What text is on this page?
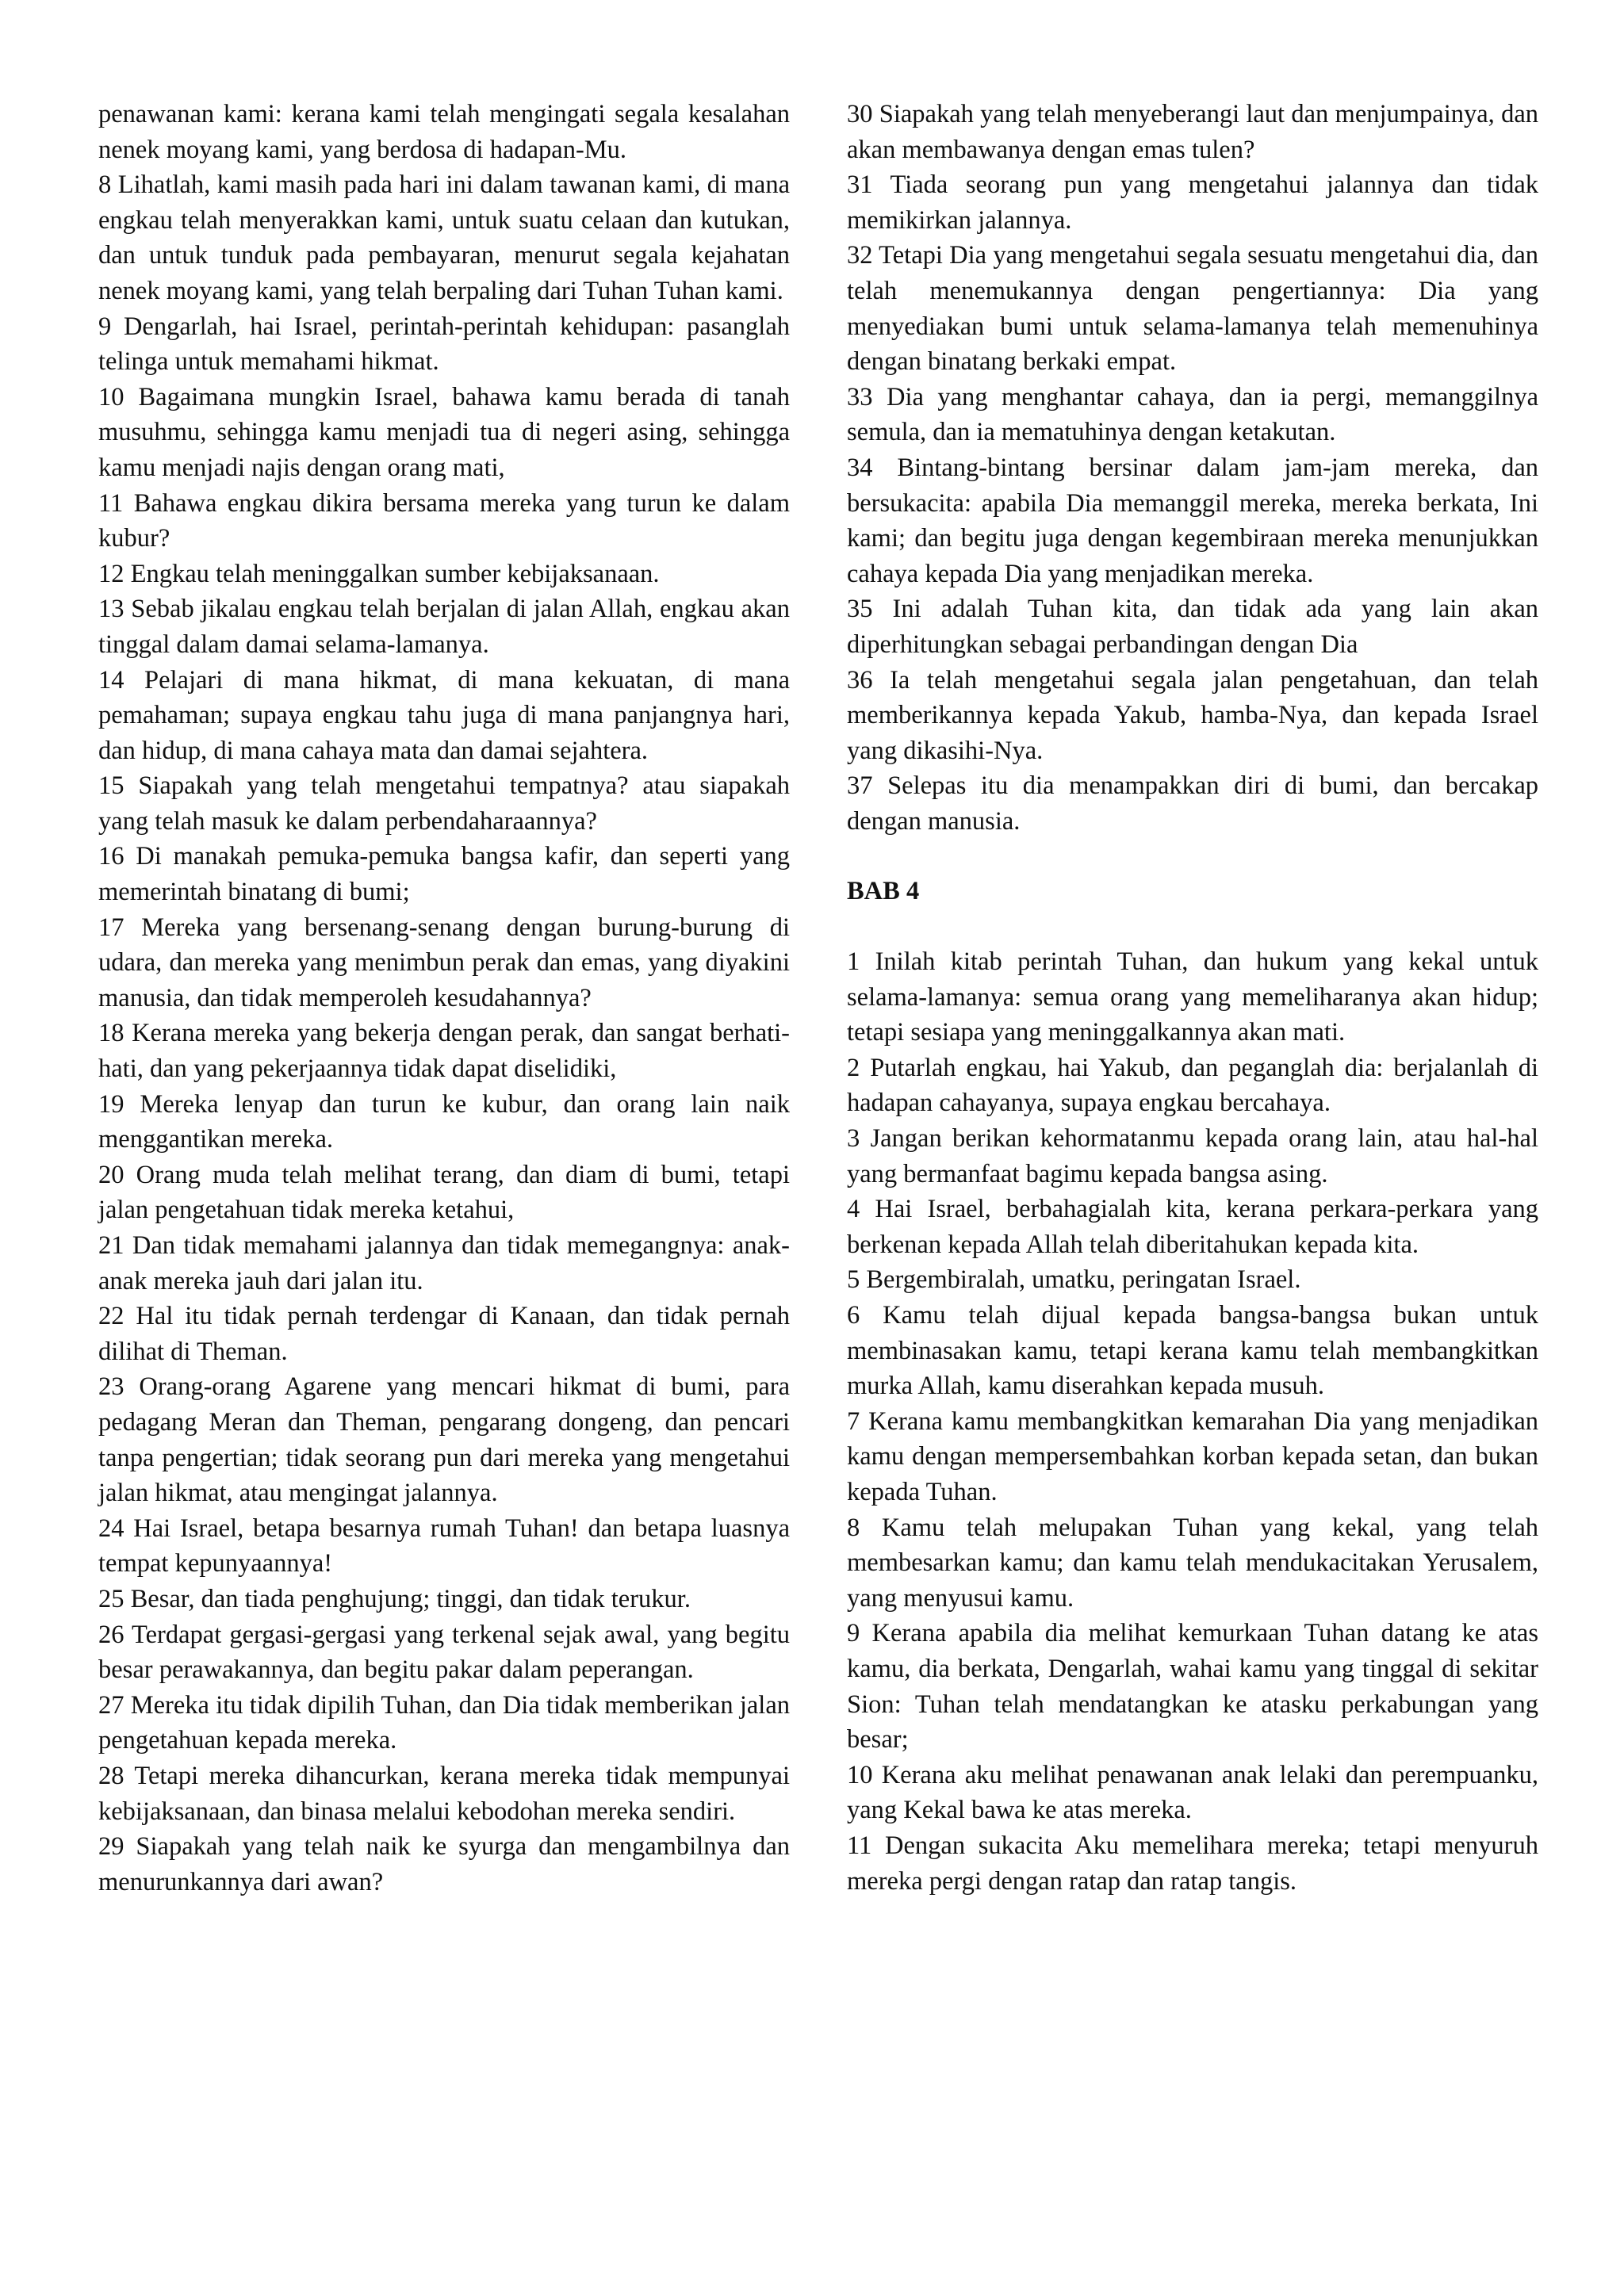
penawanan kami: kerana kami telah mengingati segala kesalahan nenek moyang kami, yang berdosa di hadapan-Mu.

8 Lihatlah, kami masih pada hari ini dalam tawanan kami, di mana engkau telah menyerakkan kami, untuk suatu celaan dan kutukan, dan untuk tunduk pada pembayaran, menurut segala kejahatan nenek moyang kami, yang telah berpaling dari Tuhan Tuhan kami.

9 Dengarlah, hai Israel, perintah-perintah kehidupan: pasanglah telinga untuk memahami hikmat.

10 Bagaimana mungkin Israel, bahawa kamu berada di tanah musuhmu, sehingga kamu menjadi tua di negeri asing, sehingga kamu menjadi najis dengan orang mati,

11 Bahawa engkau dikira bersama mereka yang turun ke dalam kubur?

12 Engkau telah meninggalkan sumber kebijaksanaan.

13 Sebab jikalau engkau telah berjalan di jalan Allah, engkau akan tinggal dalam damai selama-lamanya.

14 Pelajari di mana hikmat, di mana kekuatan, di mana pemahaman; supaya engkau tahu juga di mana panjangnya hari, dan hidup, di mana cahaya mata dan damai sejahtera.

15 Siapakah yang telah mengetahui tempatnya? atau siapakah yang telah masuk ke dalam perbendaharaannya?

16 Di manakah pemuka-pemuka bangsa kafir, dan seperti yang memerintah binatang di bumi;

17 Mereka yang bersenang-senang dengan burung-burung di udara, dan mereka yang menimbun perak dan emas, yang diyakini manusia, dan tidak memperoleh kesudahannya?

18 Kerana mereka yang bekerja dengan perak, dan sangat berhati-hati, dan yang pekerjaannya tidak dapat diselidiki,

19 Mereka lenyap dan turun ke kubur, dan orang lain naik menggantikan mereka.

20 Orang muda telah melihat terang, dan diam di bumi, tetapi jalan pengetahuan tidak mereka ketahui,

21 Dan tidak memahami jalannya dan tidak memegangnya: anak-anak mereka jauh dari jalan itu.

22 Hal itu tidak pernah terdengar di Kanaan, dan tidak pernah dilihat di Theman.

23 Orang-orang Agarene yang mencari hikmat di bumi, para pedagang Meran dan Theman, pengarang dongeng, dan pencari tanpa pengertian; tidak seorang pun dari mereka yang mengetahui jalan hikmat, atau mengingat jalannya.

24 Hai Israel, betapa besarnya rumah Tuhan! dan betapa luasnya tempat kepunyaannya!

25 Besar, dan tiada penghujung; tinggi, dan tidak terukur.

26 Terdapat gergasi-gergasi yang terkenal sejak awal, yang begitu besar perawakannya, dan begitu pakar dalam peperangan.

27 Mereka itu tidak dipilih Tuhan, dan Dia tidak memberikan jalan pengetahuan kepada mereka.

28 Tetapi mereka dihancurkan, kerana mereka tidak mempunyai kebijaksanaan, dan binasa melalui kebodohan mereka sendiri.

29 Siapakah yang telah naik ke syurga dan mengambilnya dan menurunkannya dari awan?

30 Siapakah yang telah menyeberangi laut dan menjumpainya, dan akan membawanya dengan emas tulen?

31 Tiada seorang pun yang mengetahui jalannya dan tidak memikirkan jalannya.

32 Tetapi Dia yang mengetahui segala sesuatu mengetahui dia, dan telah menemukannya dengan pengertiannya: Dia yang menyediakan bumi untuk selama-lamanya telah memenuhinya dengan binatang berkaki empat.

33 Dia yang menghantar cahaya, dan ia pergi, memanggilnya semula, dan ia mematuhinya dengan ketakutan.

34 Bintang-bintang bersinar dalam jam-jam mereka, dan bersukacita: apabila Dia memanggil mereka, mereka berkata, Ini kami; dan begitu juga dengan kegembiraan mereka menunjukkan cahaya kepada Dia yang menjadikan mereka.

35 Ini adalah Tuhan kita, dan tidak ada yang lain akan diperhitungkan sebagai perbandingan dengan Dia

36 Ia telah mengetahui segala jalan pengetahuan, dan telah memberikannya kepada Yakub, hamba-Nya, dan kepada Israel yang dikasihi-Nya.

37 Selepas itu dia menampakkan diri di bumi, dan bercakap dengan manusia.

BAB 4

1 Inilah kitab perintah Tuhan, dan hukum yang kekal untuk selama-lamanya: semua orang yang memeliharanya akan hidup; tetapi sesiapa yang meninggalkannya akan mati.

2 Putarlah engkau, hai Yakub, dan peganglah dia: berjalanlah di hadapan cahayanya, supaya engkau bercahaya.

3 Jangan berikan kehormatanmu kepada orang lain, atau hal-hal yang bermanfaat bagimu kepada bangsa asing.

4 Hai Israel, berbahagialah kita, kerana perkara-perkara yang berkenan kepada Allah telah diberitahukan kepada kita.

5 Bergembiralah, umatku, peringatan Israel.

6 Kamu telah dijual kepada bangsa-bangsa bukan untuk membinasakan kamu, tetapi kerana kamu telah membangkitkan murka Allah, kamu diserahkan kepada musuh.

7 Kerana kamu membangkitkan kemarahan Dia yang menjadikan kamu dengan mempersembahkan korban kepada setan, dan bukan kepada Tuhan.

8 Kamu telah melupakan Tuhan yang kekal, yang telah membesarkan kamu; dan kamu telah mendukacitakan Yerusalem, yang menyusui kamu.

9 Kerana apabila dia melihat kemurkaan Tuhan datang ke atas kamu, dia berkata, Dengarlah, wahai kamu yang tinggal di sekitar Sion: Tuhan telah mendatangkan ke atasku perkabungan yang besar;

10 Kerana aku melihat penawanan anak lelaki dan perempuanku, yang Kekal bawa ke atas mereka.

11 Dengan sukacita Aku memelihara mereka; tetapi menyuruh mereka pergi dengan ratap dan ratap tangis.
